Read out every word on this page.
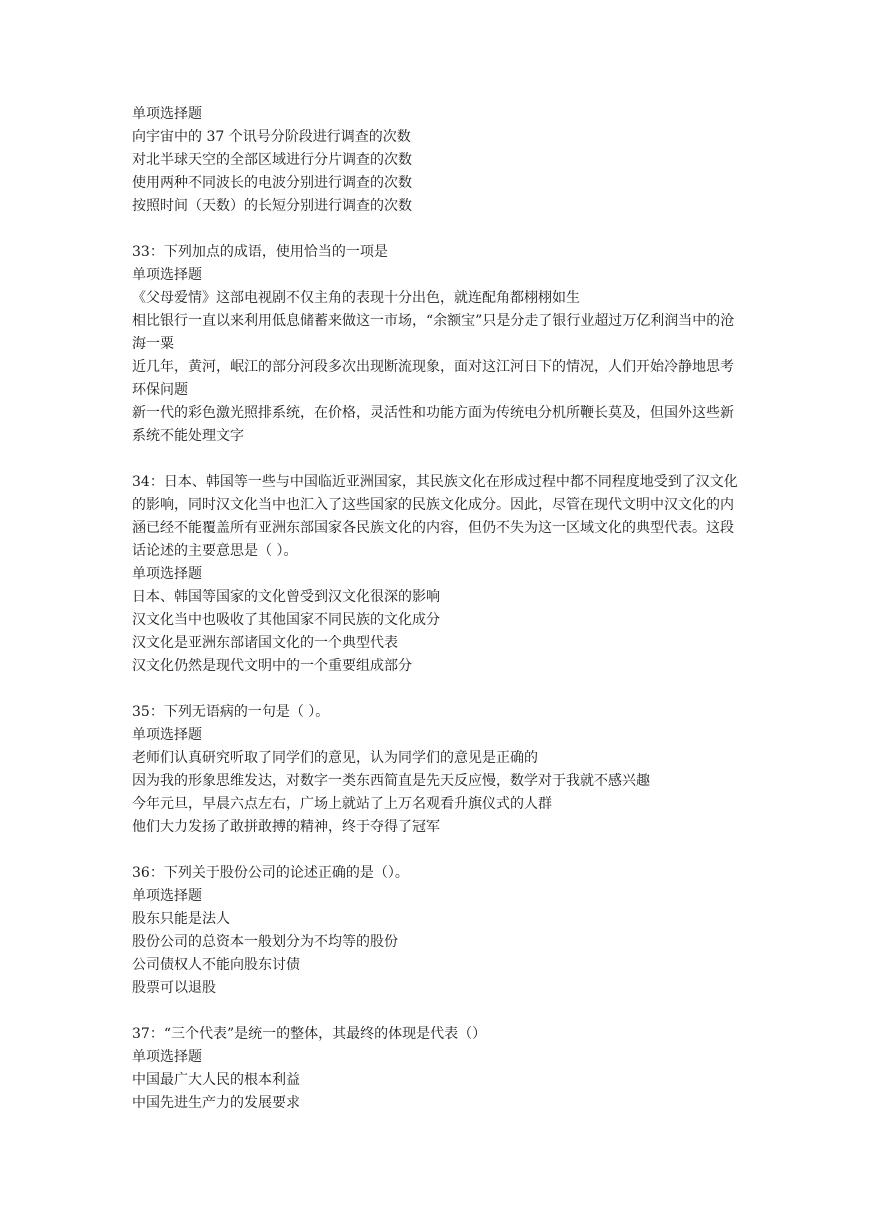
单项选择题
向宇宙中的 37 个讯号分阶段进行调查的次数
对北半球天空的全部区域进行分片调查的次数
使用两种不同波长的电波分别进行调查的次数
按照时间（天数）的长短分别进行调查的次数
33：下列加点的成语，使用恰当的一项是
单项选择题
《父母爱情》这部电视剧不仅主角的表现十分出色，就连配角都栩栩如生
相比银行一直以来利用低息储蓄来做这一市场，“余额宝”只是分走了银行业超过万亿利润当中的沧海一粟
近几年，黄河，岷江的部分河段多次出现断流现象，面对这江河日下的情况，人们开始冷静地思考环保问题
新一代的彩色激光照排系统，在价格，灵活性和功能方面为传统电分机所鞭长莫及，但国外这些新系统不能处理文字
34：日本、韩国等一些与中国临近亚洲国家，其民族文化在形成过程中都不同程度地受到了汉文化的影响，同时汉文化当中也汇入了这些国家的民族文化成分。因此，尽管在现代文明中汉文化的内涵已经不能覆盖所有亚洲东部国家各民族文化的内容，但仍不失为这一区域文化的典型代表。这段话论述的主要意思是（ ）。
单项选择题
日本、韩国等国家的文化曾受到汉文化很深的影响
汉文化当中也吸收了其他国家不同民族的文化成分
汉文化是亚洲东部诸国文化的一个典型代表
汉文化仍然是现代文明中的一个重要组成部分
35：下列无语病的一句是（ ）。
单项选择题
老师们认真研究听取了同学们的意见，认为同学们的意见是正确的
因为我的形象思维发达，对数字一类东西简直是先天反应慢，数学对于我就不感兴趣
今年元旦，早晨六点左右，广场上就站了上万名观看升旗仪式的人群
他们大力发扬了敢拼敢搏的精神，终于夺得了冠军
36：下列关于股份公司的论述正确的是（）。
单项选择题
股东只能是法人
股份公司的总资本一般划分为不均等的股份
公司债权人不能向股东讨债
股票可以退股
37：“三个代表”是统一的整体，其最终的体现是代表（）
单项选择题
中国最广大人民的根本利益
中国先进生产力的发展要求
